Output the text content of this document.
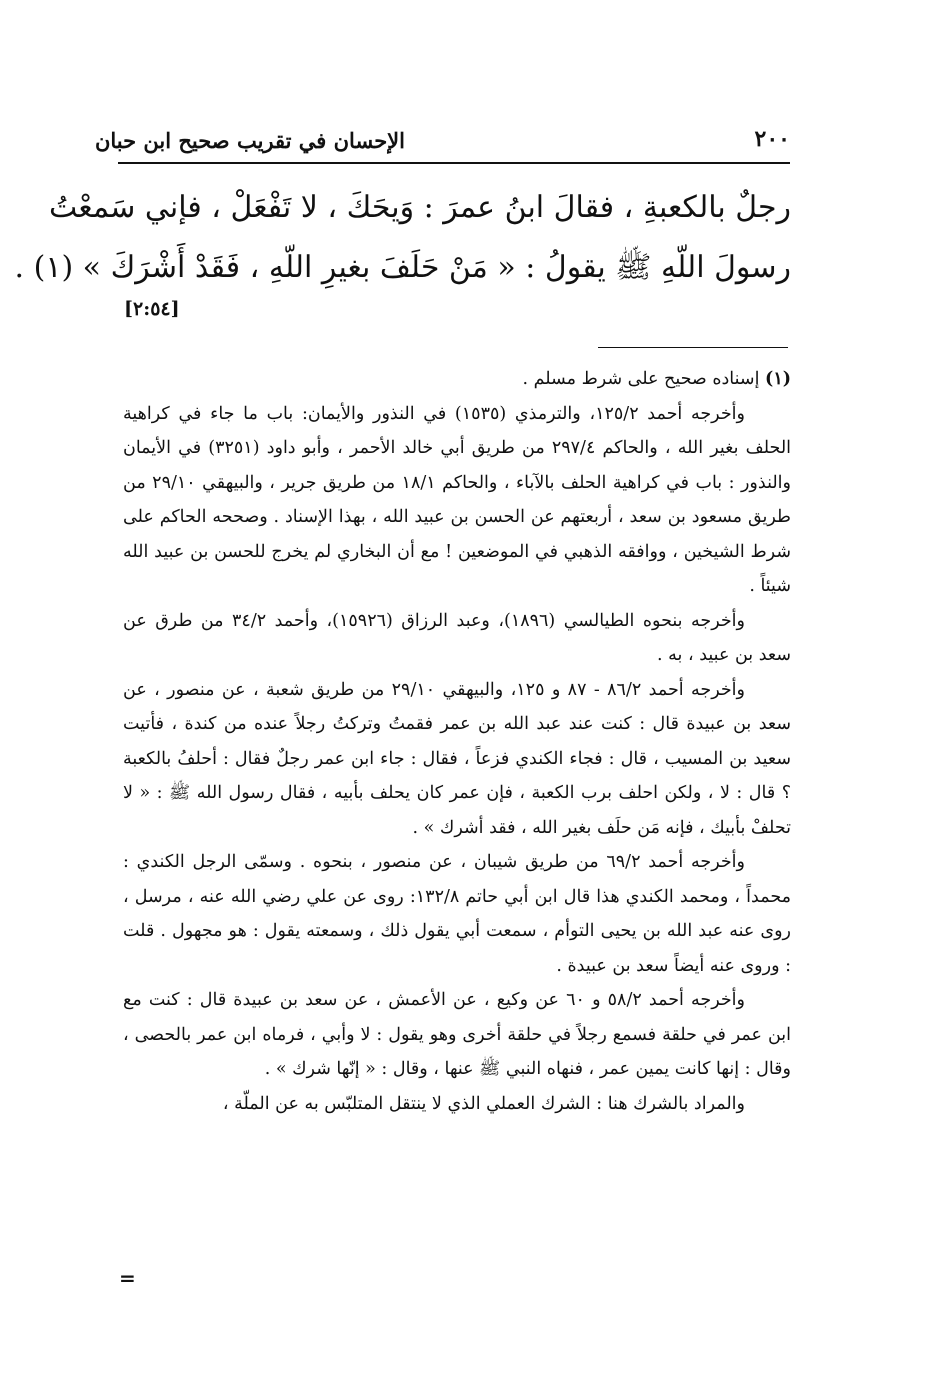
الإحسان في تقريب صحيح ابن حبان	٢٠٠
رجلٌ بالكعبةِ ، فقالَ ابنُ عمرَ : وَيحَكَ ، لا تَفْعَلْ ، فإني سَمعْتُ
رسولَ اللّهِ ﷺ يقولُ : « مَنْ حَلَفَ بغيرِ اللّهِ ، فَقَدْ أَشْرَكَ » (١) .
[٢:٥٤]

(١) إسناده صحيح على شرط مسلم .

وأخرجه أحمد ١٢٥/٢، والترمذي (١٥٣٥) في النذور والأيمان: باب ما جاء في كراهية الحلف بغير الله ، والحاكم ٢٩٧/٤ من طريق أبي خالد الأحمر ، وأبو داود (٣٢٥١) في الأيمان والنذور : باب في كراهية الحلف بالآباء ، والحاكم ١٨/١ من طريق جرير ، والبيهقي ٢٩/١٠ من طريق مسعود بن سعد ، أربعتهم عن الحسن بن عبيد الله ، بهذا الإسناد . وصححه الحاكم على شرط الشيخين ، ووافقه الذهبي في الموضعين ! مع أن البخاري لم يخرج للحسن بن عبيد الله شيئاً .

وأخرجه بنحوه الطيالسي (١٨٩٦)، وعبد الرزاق (١٥٩٢٦)، وأحمد ٣٤/٢ من طرق عن سعد بن عبيد ، به .

وأخرجه أحمد ٨٦/٢ - ٨٧ و ١٢٥، والبيهقي ٢٩/١٠ من طريق شعبة ، عن منصور ، عن سعد بن عبيدة قال : كنت عند عبد الله بن عمر فقمتُ وتركتُ رجلاً عنده من كندة ، فأتيت سعيد بن المسيب ، قال : فجاء الكندي فزعاً ، فقال : جاء ابن عمر رجلٌ فقال : أحلفُ بالكعبة ؟ قال : لا ، ولكن احلف برب الكعبة ، فإن عمر كان يحلف بأبيه ، فقال رسول الله ﷺ : « لا تحلفْ بأبيك ، فإنه مَن حلَف بغير الله ، فقد أشرك » .

وأخرجه أحمد ٦٩/٢ من طريق شيبان ، عن منصور ، بنحوه . وسمّى الرجل الكندي : محمداً ، ومحمد الكندي هذا قال ابن أبي حاتم ١٣٢/٨: روى عن علي رضي الله عنه ، مرسل ، روى عنه عبد الله بن يحيى التوأم ، سمعت أبي يقول ذلك ، وسمعته يقول : هو مجهول . قلت : وروى عنه أيضاً سعد بن عبيدة .

وأخرجه أحمد ٥٨/٢ و ٦٠ عن وكيع ، عن الأعمش ، عن سعد بن عبيدة قال : كنت مع ابن عمر في حلقة فسمع رجلاً في حلقة أخرى وهو يقول : لا وأبي ، فرماه ابن عمر بالحصى ، وقال : إنها كانت يمين عمر ، فنهاه النبي ﷺ عنها ، وقال : « إنّها شرك » .

والمراد بالشرك هنا : الشرك العملي الذي لا ينتقل المتلبّس به عن الملّة ،

=
